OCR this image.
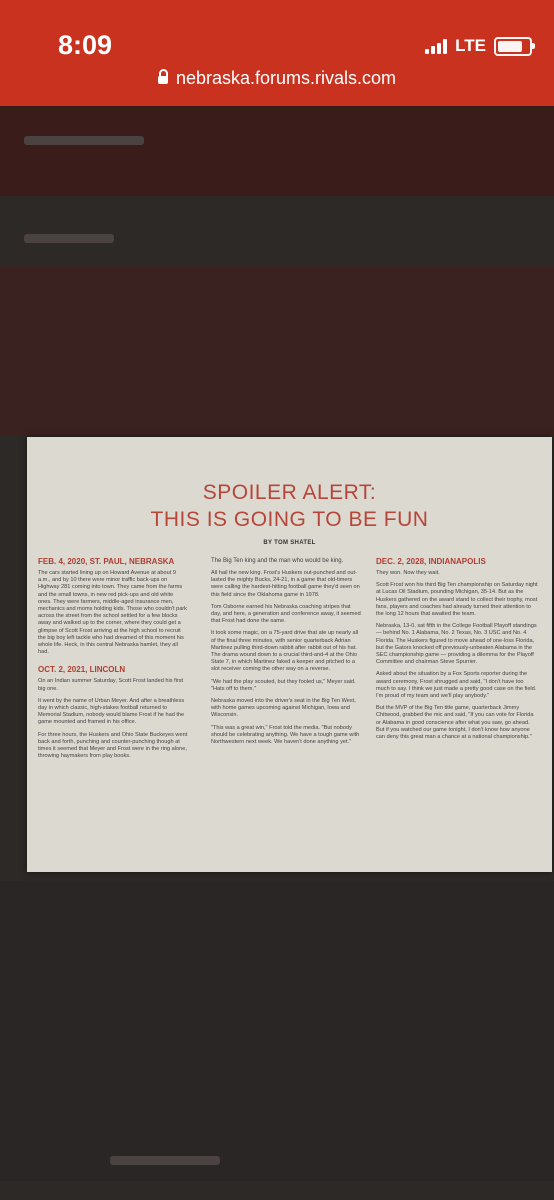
8:09	LTE
nebraska.forums.rivals.com
SPOILER ALERT:
THIS IS GOING TO BE FUN
BY TOM SHATEL
FEB. 4, 2020, ST. PAUL, NEBRASKA

The cars started lining up on Howard Avenue at about 9 a.m., and by 10 there were minor traffic back-ups on Highway 281 coming into town. They came from the farms and the small towns, in new red pick-ups and old white ones. They were farmers, middle-aged insurance men, mechanics and moms holding kids. Those who couldn't park across the street from the school settled for a few blocks away and walked up to the corner, where they could get a glimpse of Scott Frost arriving at the high school to recruit the big boy left tackle who had dreamed of this moment his whole life. Heck, in this central Nebraska hamlet, they all had.

OCT. 2, 2021, LINCOLN

On an Indian summer Saturday, Scott Frost landed his first big one.

It went by the name of Urban Meyer. And after a breathless day in which classic, high-stakes football returned to Memorial Stadium, nobody would blame Frost if he had the game mounted and framed in his office.

For three hours, the Huskers and Ohio State Buckeyes went back and forth, punching and counter-punching though at times it seemed that Meyer and Frost were in the ring alone, throwing haymakers from play books.

The Big Ten king and the man who would be king.

All hail the new king. Frost's Huskers out-punched and out-lasted the mighty Bucks, 24-21, in a game that old-timers were calling the hardest-hitting football game they'd seen on this field since the Oklahoma game in 1978.

Tom Osborne earned his Nebraska coaching stripes that day, and here, a generation and conference away, it seemed that Frost had done the same.

It took some magic, on a 75-yard drive that ate up nearly all of the final three minutes, with senior quarterback Adrian Martinez pulling third-down rabbit after rabbit out of his hat. The drama wound down to a crucial third-and-4 at the Ohio State 7, in which Martinez faked a keeper and pitched to a slot receiver coming the other way on a reverse.

"We had the play scouted, but they fooled us," Meyer said. "Hats off to them."

Nebraska moved into the driver's seat in the Big Ten West, with home games upcoming against Michigan, Iowa and Wisconsin.

"This was a great win," Frost told the media. "But nobody should be celebrating anything. We have a tough game with Northwestern next week. We haven't done anything yet."

DEC. 2, 2028, INDIANAPOLIS

They won. Now they wait.

Scott Frost won his third Big Ten championship on Saturday night at Lucas Oil Stadium, pounding Michigan, 35-14. But as the Huskers gathered on the award stand to collect their trophy, most fans, players and coaches had already turned their attention to the long 12 hours that awaited the team.

Nebraska, 13-0, sat fifth in the College Football Playoff standings — behind No. 1 Alabama, No. 2 Texas, No. 3 USC and No. 4 Florida. The Huskers figured to move ahead of one-loss Florida, but the Gators knocked off previously-unbeaten Alabama in the SEC championship game — providing a dilemma for the Playoff Committee and chairman Steve Spurrier.

Asked about the situation by a Fox Sports reporter during the award ceremony, Frost shrugged and said, "I don't have too much to say. I think we just made a pretty good case on the field. I'm proud of my team and we'll play anybody."

But the MVP of the Big Ten title game, quarterback Jimmy Chitwood, grabbed the mic and said, "If you can vote for Florida or Alabama in good conscience after what you saw, go ahead. But if you watched our game tonight, I don't know how anyone can deny this great man a chance at a national championship."
